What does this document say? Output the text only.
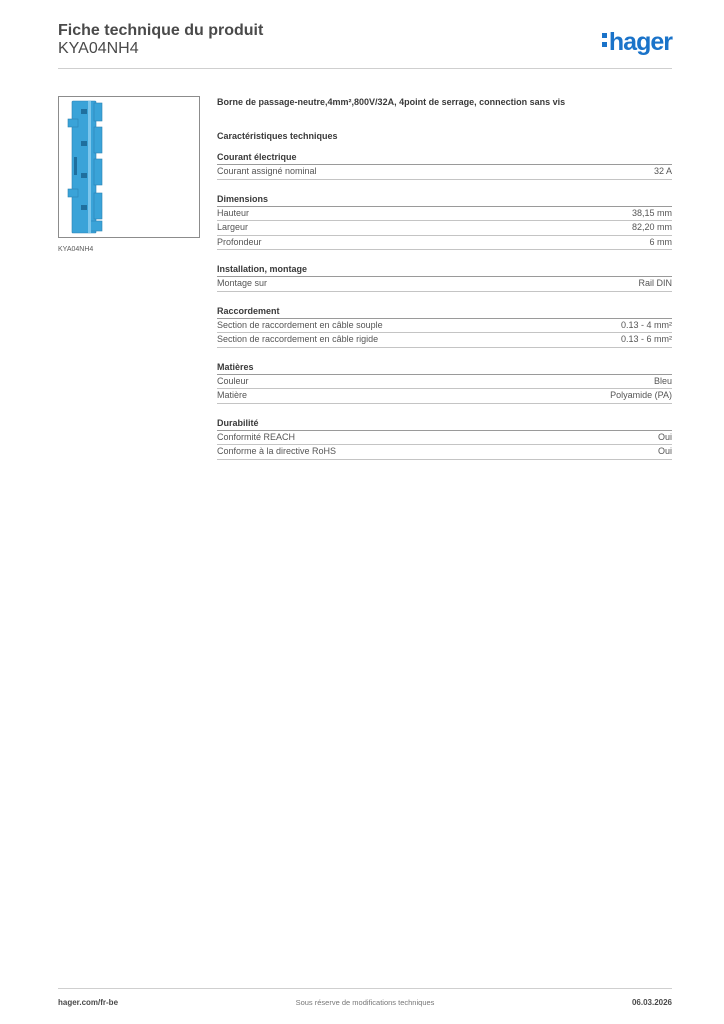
Fiche technique du produit
KYA04NH4	hager
KYA04NH4
Borne de passage-neutre,4mm²,800V/32A, 4point de serrage, connection sans vis
Caractéristiques techniques
Courant électrique
Courant assigné nominal	32 A
Dimensions
Hauteur	38,15 mm
Largeur	82,20 mm
Profondeur	6 mm
Installation, montage
Montage sur	Rail DIN
Raccordement
Section de raccordement en câble souple	0.13 - 4 mm²
Section de raccordement en câble rigide	0.13 - 6 mm²
Matières
Couleur	Bleu
Matière	Polyamide (PA)
Durabilité
Conformité REACH	Oui
Conforme à la directive RoHS	Oui
hager.com/fr-be	Sous réserve de modifications techniques	06.03.2026
